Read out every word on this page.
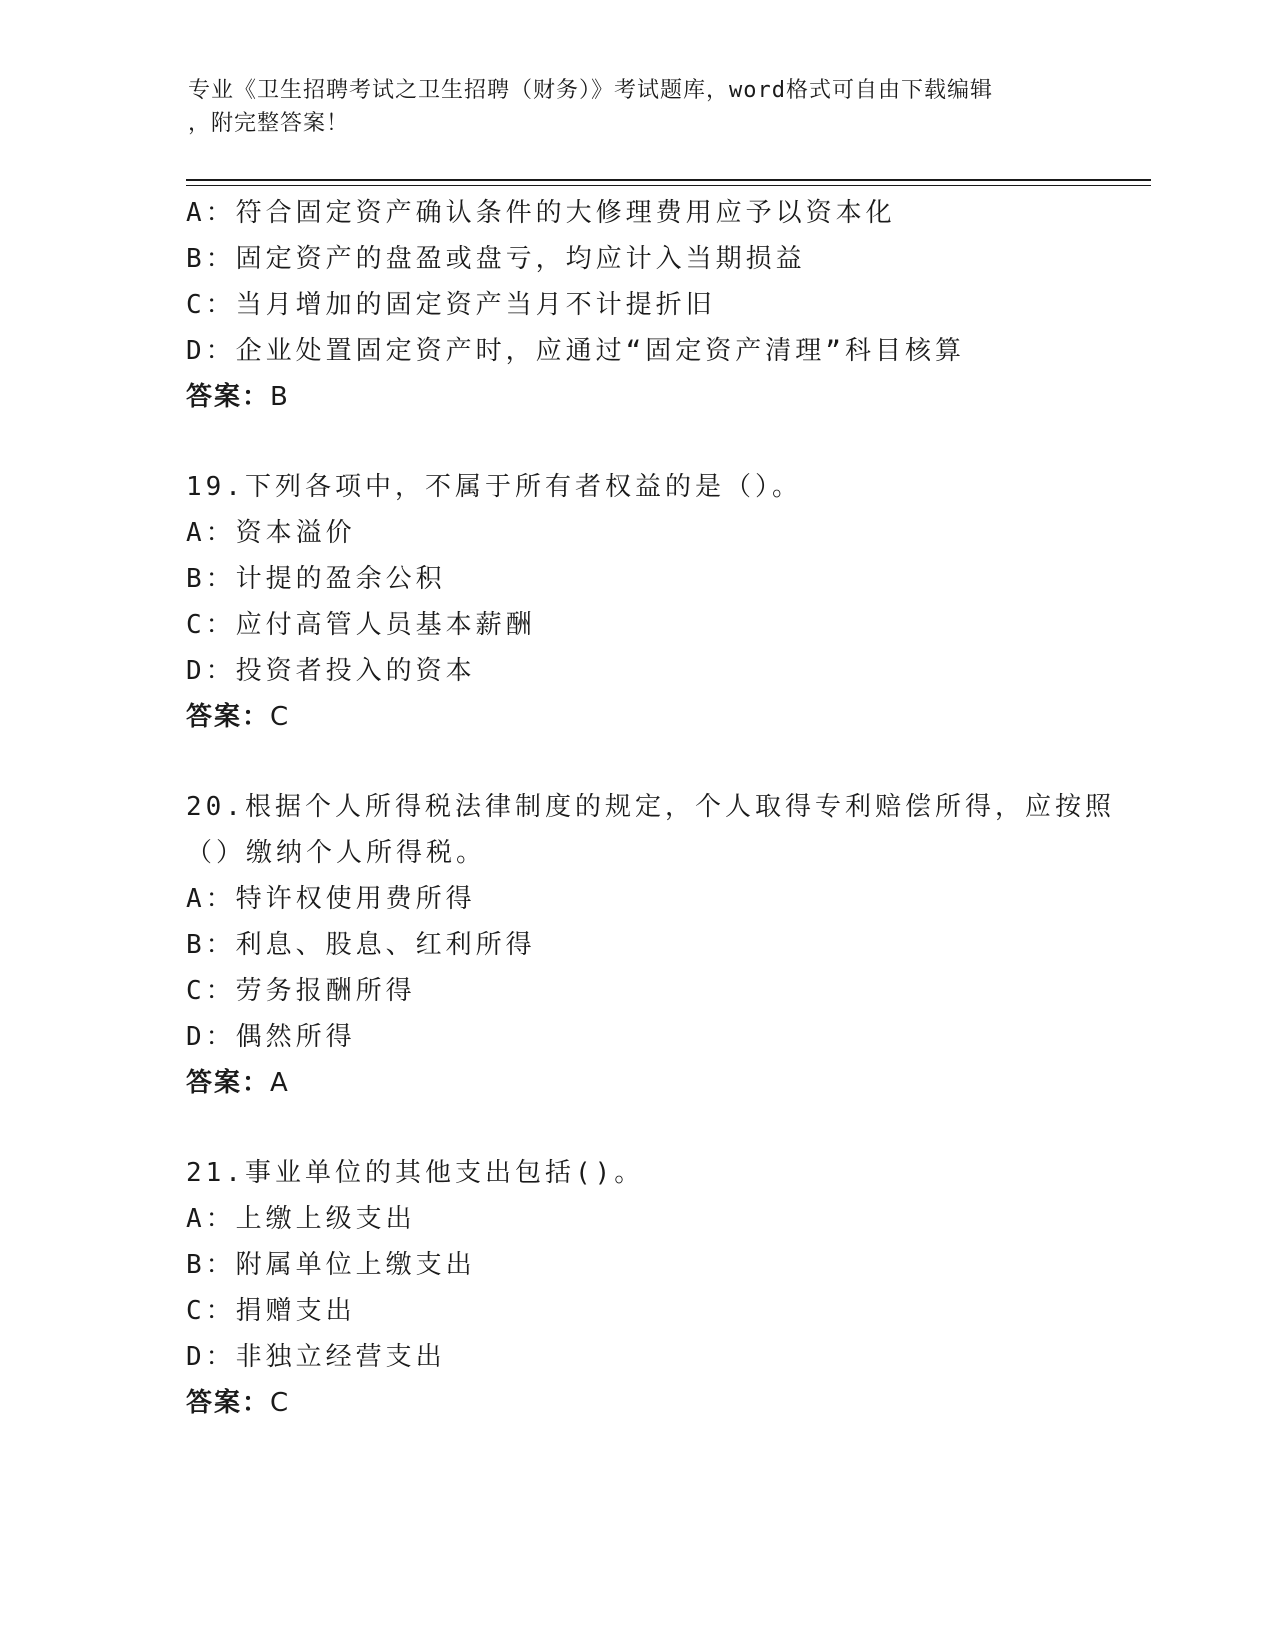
专业《卫生招聘考试之卫生招聘（财务）》考试题库，word格式可自由下载编辑
，附完整答案！
A：符合固定资产确认条件的大修理费用应予以资本化
B：固定资产的盘盈或盘亏，均应计入当期损益
C：当月增加的固定资产当月不计提折旧
D：企业处置固定资产时，应通过“固定资产清理”科目核算
答案：B
19.下列各项中，不属于所有者权益的是（）。
A：资本溢价
B：计提的盈余公积
C：应付高管人员基本薪酬
D：投资者投入的资本
答案：C
20.根据个人所得税法律制度的规定，个人取得专利赔偿所得，应按照
（）缴纳个人所得税。
A：特许权使用费所得
B：利息、股息、红利所得
C：劳务报酬所得
D：偶然所得
答案：A
21.事业单位的其他支出包括()。
A：上缴上级支出
B：附属单位上缴支出
C：捐赠支出
D：非独立经营支出
答案：C
